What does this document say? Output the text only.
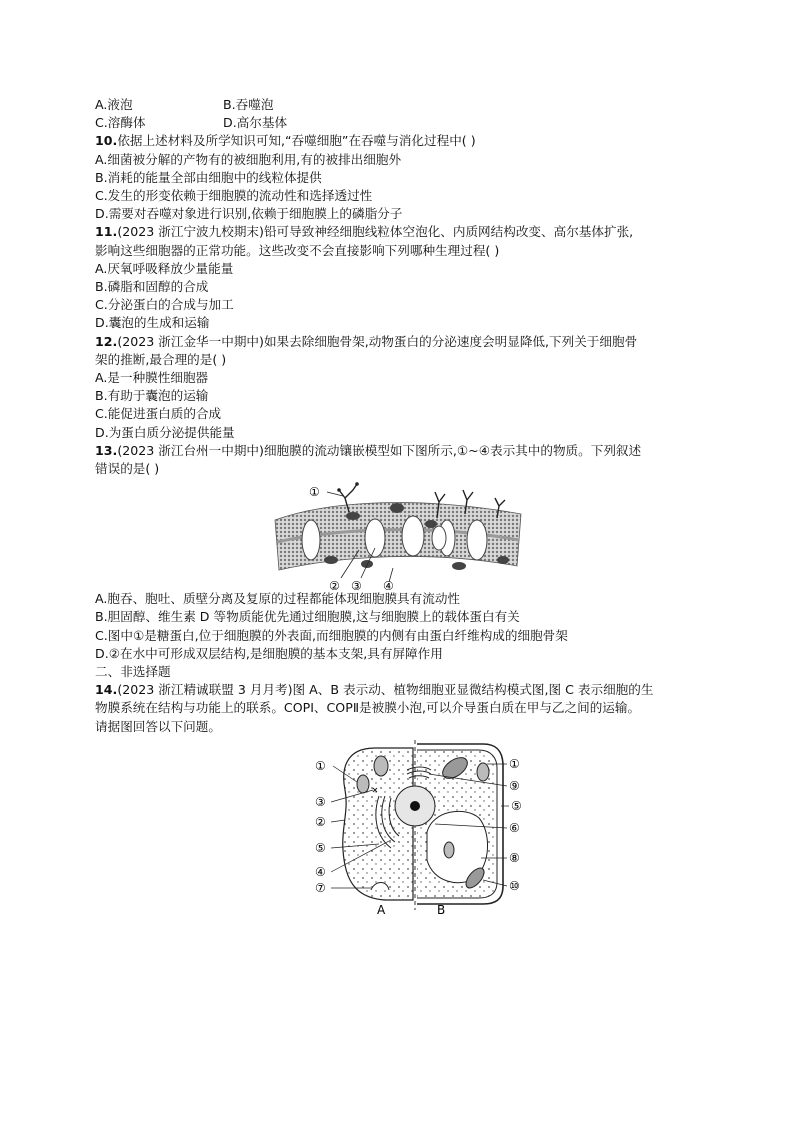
A.液泡	B.吞噬泡
C.溶酶体	D.高尔基体
10.依据上述材料及所学知识可知,“吞噬细胞”在吞噬与消化过程中( )
A.细菌被分解的产物有的被细胞利用,有的被排出细胞外
B.消耗的能量全部由细胞中的线粒体提供
C.发生的形变依赖于细胞膜的流动性和选择透过性
D.需要对吞噬对象进行识别,依赖于细胞膜上的磷脂分子
11.(2023 浙江宁波九校期末)铅可导致神经细胞线粒体空泡化、内质网结构改变、高尔基体扩张,
影响这些细胞器的正常功能。这些改变不会直接影响下列哪种生理过程( )
A.厌氧呼吸释放少量能量
B.磷脂和固醇的合成
C.分泌蛋白的合成与加工
D.囊泡的生成和运输
12.(2023 浙江金华一中期中)如果去除细胞骨架,动物蛋白的分泌速度会明显降低,下列关于细胞骨
架的推断,最合理的是( )
A.是一种膜性细胞器
B.有助于囊泡的运输
C.能促进蛋白质的合成
D.为蛋白质分泌提供能量
13.(2023 浙江台州一中期中)细胞膜的流动镶嵌模型如下图所示,①~④表示其中的物质。下列叙述
错误的是( )
①
② ③ ④
A.胞吞、胞吐、质壁分离及复原的过程都能体现细胞膜具有流动性
B.胆固醇、维生素 D 等物质能优先通过细胞膜,这与细胞膜上的载体蛋白有关
C.图中①是糖蛋白,位于细胞膜的外表面,而细胞膜的内侧有由蛋白纤维构成的细胞骨架
D.②在水中可形成双层结构,是细胞膜的基本支架,具有屏障作用
二、非选择题
14.(2023 浙江精诚联盟 3 月月考)图 A、B 表示动、植物细胞亚显微结构模式图,图 C 表示细胞的生
物膜系统在结构与功能上的联系。COPⅠ、COPⅡ是被膜小泡,可以介导蛋白质在甲与乙之间的运输。
请据图回答以下问题。
①
③
②
⑤
④
⑦
①
⑨
⑤
⑥
⑧
⑩
A	B
